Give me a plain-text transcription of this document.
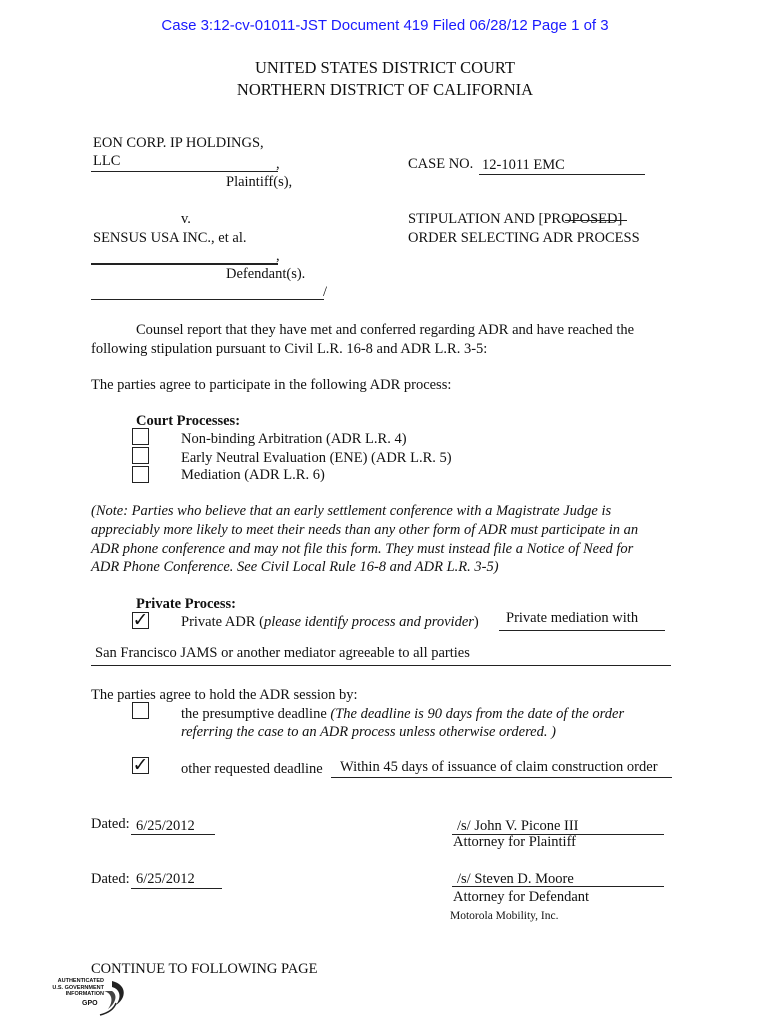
Case 3:12-cv-01011-JST Document 419 Filed 06/28/12 Page 1 of 3
UNITED STATES DISTRICT COURT
NORTHERN DISTRICT OF CALIFORNIA
EON CORP. IP HOLDINGS,
LLC	,
Plaintiff(s),
v.
SENSUS USA INC., et al.
,
Defendant(s).
/
CASE NO. 12-1011 EMC
STIPULATION AND [PROPOSED]
ORDER SELECTING ADR PROCESS
Counsel report that they have met and conferred regarding ADR and have reached the
following stipulation pursuant to Civil L.R. 16-8 and ADR L.R. 3-5:
The parties agree to participate in the following ADR process:
Court Processes:
Non-binding Arbitration (ADR L.R. 4)
Early Neutral Evaluation (ENE) (ADR L.R. 5)
Mediation (ADR L.R. 6)
(Note: Parties who believe that an early settlement conference with a Magistrate Judge is
appreciably more likely to meet their needs than any other form of ADR must participate in an
ADR phone conference and may not file this form. They must instead file a Notice of Need for
ADR Phone Conference. See Civil Local Rule 16-8 and ADR L.R. 3-5)
Private Process:
✓ Private ADR (please identify process and provider) Private mediation with
San Francisco JAMS or another mediator agreeable to all parties
The parties agree to hold the ADR session by:
the presumptive deadline (The deadline is 90 days from the date of the order
referring the case to an ADR process unless otherwise ordered. )
✓ other requested deadline Within 45 days of issuance of claim construction order
Dated: 6/25/2012	/s/ John V. Picone III
Attorney for Plaintiff
Dated: 6/25/2012	/s/ Steven D. Moore
Attorney for Defendant
Motorola Mobility, Inc.
CONTINUE TO FOLLOWING PAGE
AUTHENTICATED
U.S. GOVERNMENT
INFORMATION
GPO
